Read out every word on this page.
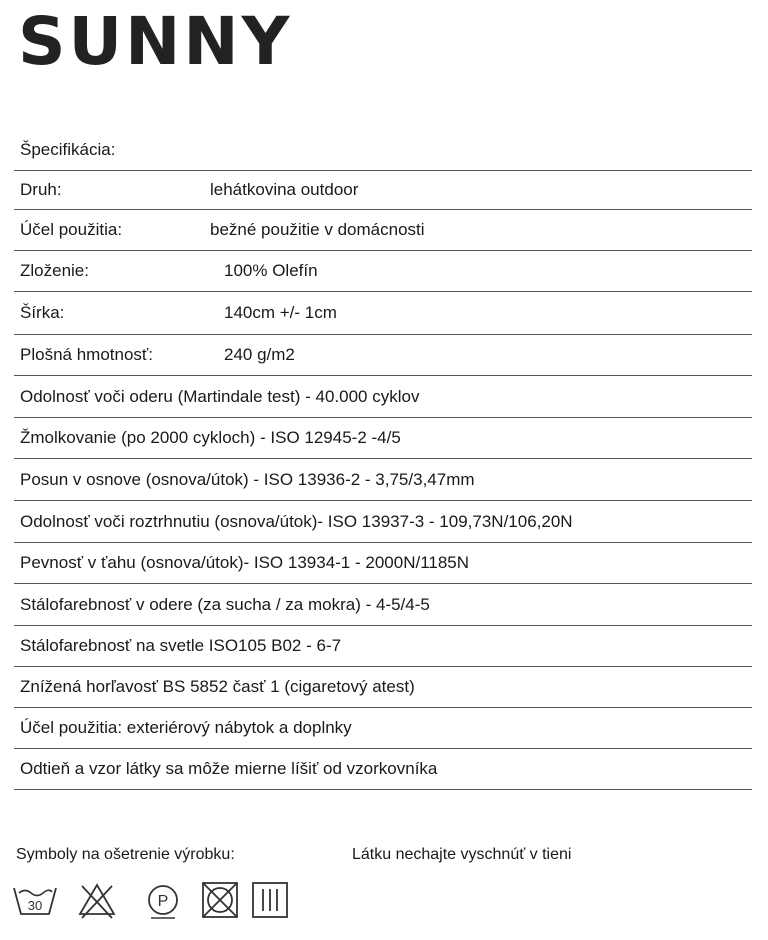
SUNNY
Špecifikácia:
Druh:	lehátkovina outdoor
Účel použitia:	bežné použitie v domácnosti
Zloženie:	100% Olefín
Šírka:	140cm +/- 1cm
Plošná hmotnosť:	240 g/m2
Odolnosť voči oderu (Martindale test) - 40.000 cyklov
Žmolkovanie (po 2000 cykloch) - ISO 12945-2 -4/5
Posun v osnove (osnova/útok) - ISO 13936-2 - 3,75/3,47mm
Odolnosť voči roztrhnutiu (osnova/útok)- ISO 13937-3 - 109,73N/106,20N
Pevnosť v ťahu (osnova/útok)- ISO 13934-1 - 2000N/1185N
Stálofarebnosť v odere (za sucha / za mokra) - 4-5/4-5
Stálofarebnosť na svetle ISO105 B02 - 6-7
Znížená horľavosť BS 5852 časť 1 (cigaretový atest)
Účel použitia: exteriérový nábytok a doplnky
Odtieň a vzor látky sa môže mierne líšiť od vzorkovníka
Symboly na ošetrenie výrobku:	Látku nechajte vyschnúť v tieni
30	P
